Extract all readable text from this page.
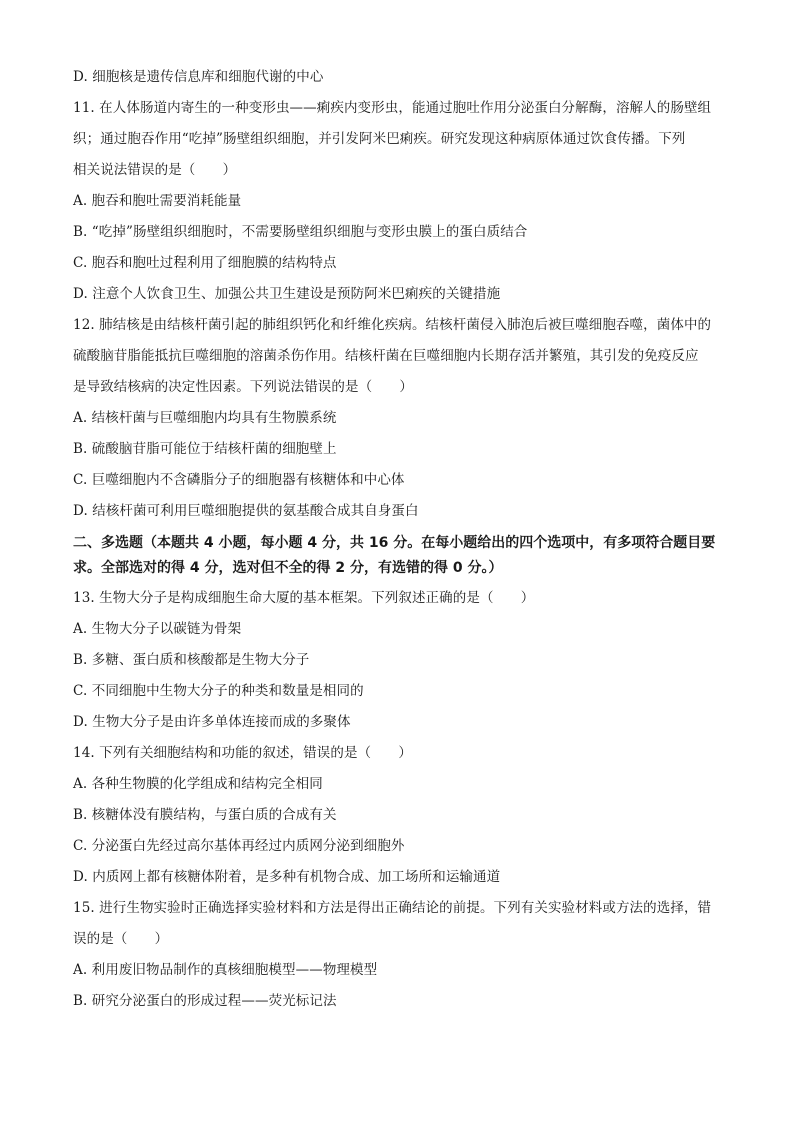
D. 细胞核是遗传信息库和细胞代谢的中心
11. 在人体肠道内寄生的一种变形虫——痢疾内变形虫，能通过胞吐作用分泌蛋白分解酶，溶解人的肠壁组
织；通过胞吞作用“吃掉”肠壁组织细胞，并引发阿米巴痢疾。研究发现这种病原体通过饮食传播。下列
相关说法错误的是（　　）
A. 胞吞和胞吐需要消耗能量
B. “吃掉”肠壁组织细胞时，不需要肠壁组织细胞与变形虫膜上的蛋白质结合
C. 胞吞和胞吐过程利用了细胞膜的结构特点
D. 注意个人饮食卫生、加强公共卫生建设是预防阿米巴痢疾的关键措施
12. 肺结核是由结核杆菌引起的肺组织钙化和纤维化疾病。结核杆菌侵入肺泡后被巨噬细胞吞噬，菌体中的
硫酸脑苷脂能抵抗巨噬细胞的溶菌杀伤作用。结核杆菌在巨噬细胞内长期存活并繁殖，其引发的免疫反应
是导致结核病的决定性因素。下列说法错误的是（　　）
A. 结核杆菌与巨噬细胞内均具有生物膜系统
B. 硫酸脑苷脂可能位于结核杆菌的细胞壁上
C. 巨噬细胞内不含磷脂分子的细胞器有核糖体和中心体
D. 结核杆菌可利用巨噬细胞提供的氨基酸合成其自身蛋白
二、多选题（本题共 4 小题，每小题 4 分，共 16 分。在每小题给出的四个选项中，有多项符合题目要求。全部选对的得 4 分，选对但不全的得 2 分，有选错的得 0 分。）
13. 生物大分子是构成细胞生命大厦的基本框架。下列叙述正确的是（　　）
A. 生物大分子以碳链为骨架
B. 多糖、蛋白质和核酸都是生物大分子
C. 不同细胞中生物大分子的种类和数量是相同的
D. 生物大分子是由许多单体连接而成的多聚体
14. 下列有关细胞结构和功能的叙述，错误的是（　　）
A. 各种生物膜的化学组成和结构完全相同
B. 核糖体没有膜结构，与蛋白质的合成有关
C. 分泌蛋白先经过高尔基体再经过内质网分泌到细胞外
D. 内质网上都有核糖体附着，是多种有机物合成、加工场所和运输通道
15. 进行生物实验时正确选择实验材料和方法是得出正确结论的前提。下列有关实验材料或方法的选择，错
误的是（　　）
A. 利用废旧物品制作的真核细胞模型——物理模型
B. 研究分泌蛋白的形成过程——荧光标记法
